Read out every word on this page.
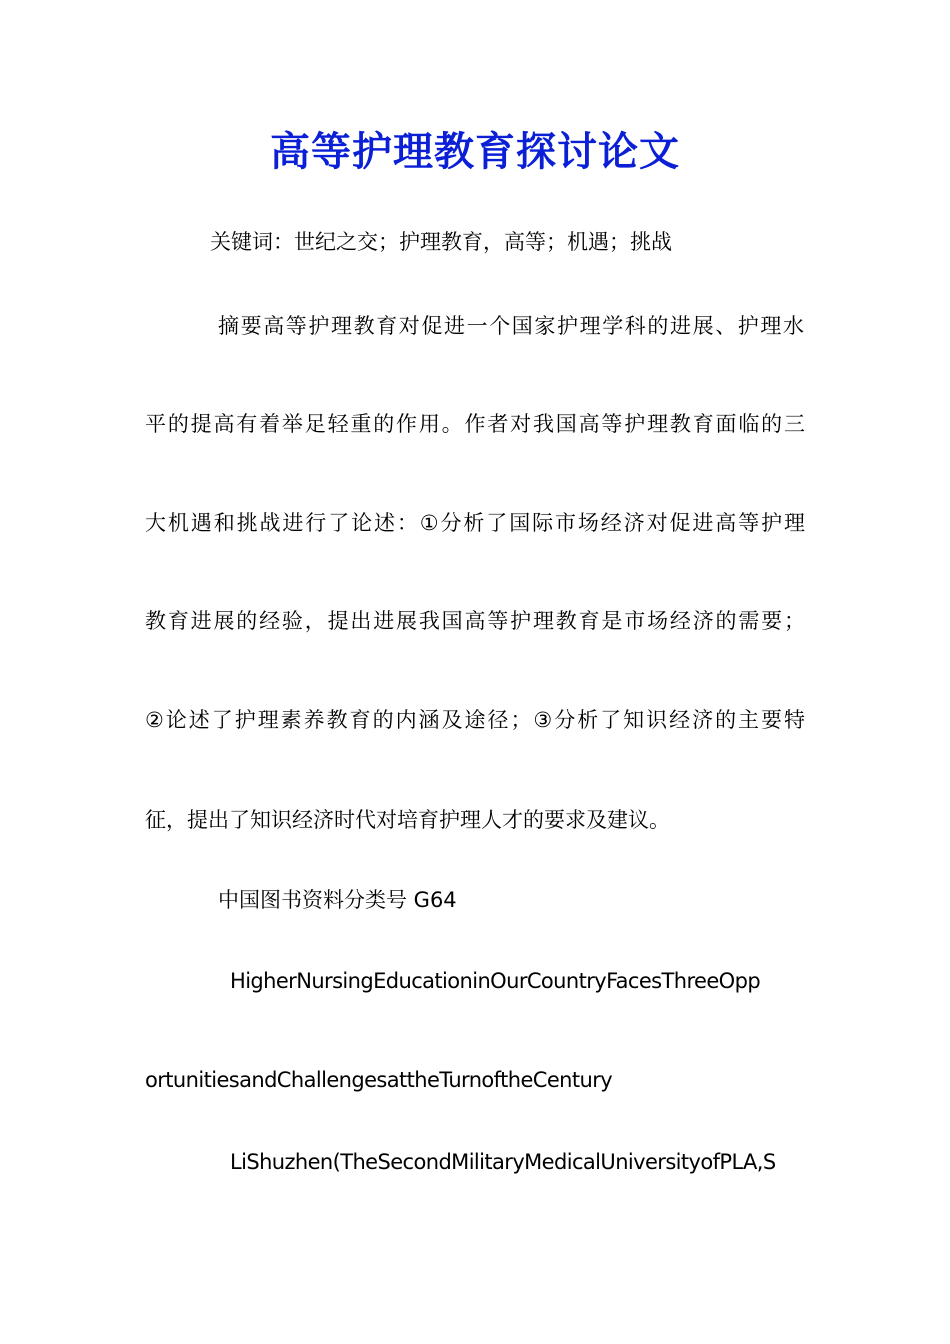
高等护理教育探讨论文
关键词：世纪之交；护理教育，高等；机遇；挑战
摘要高等护理教育对促进一个国家护理学科的进展、护理水
平的提高有着举足轻重的作用。作者对我国高等护理教育面临的三
大机遇和挑战进行了论述：①分析了国际市场经济对促进高等护理
教育进展的经验，提出进展我国高等护理教育是市场经济的需要；
②论述了护理素养教育的内涵及途径；③分析了知识经济的主要特
征，提出了知识经济时代对培育护理人才的要求及建议。
中国图书资料分类号 G64
HigherNursingEducationinOurCountryFacesThreeOpp
ortunitiesandChallengesattheTurnoftheCentury
LiShuzhen(TheSecondMilitaryMedicalUniversityofPLA,S
